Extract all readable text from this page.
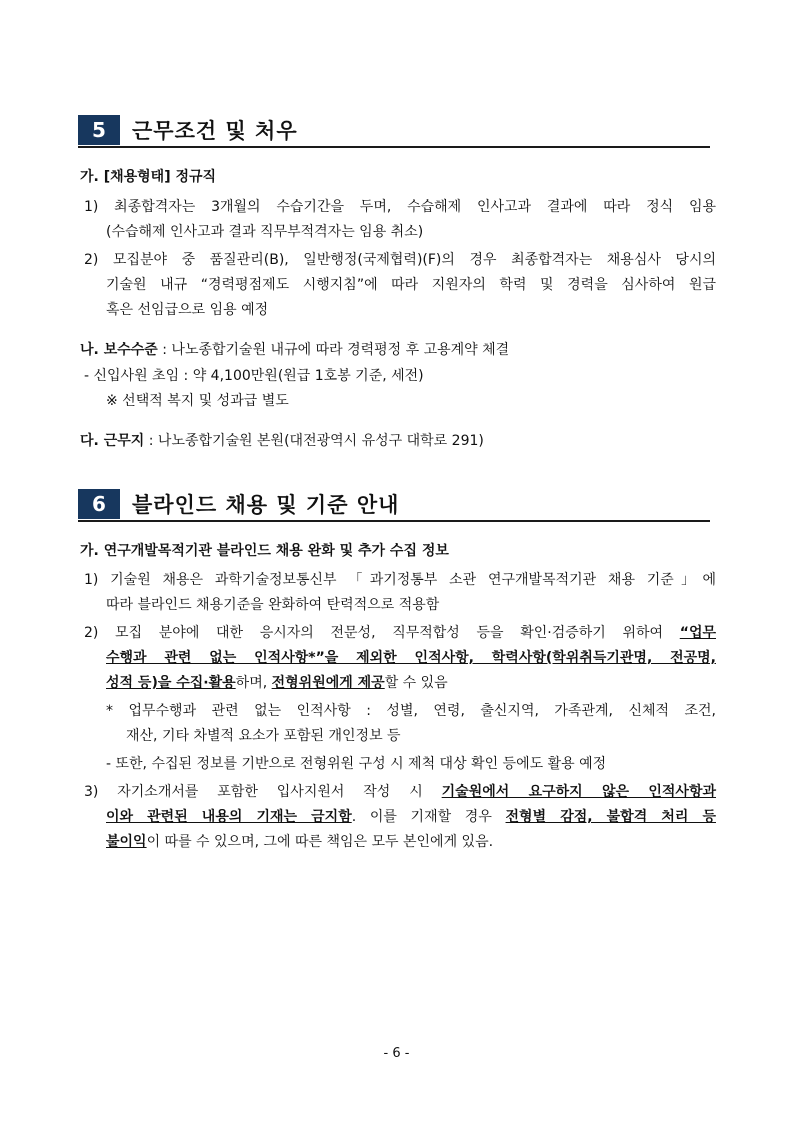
5	근무조건 및 처우
가. [채용형태] 정규직
1) 최종합격자는 3개월의 수습기간을 두며, 수습해제 인사고과 결과에 따라 정식 임용
(수습해제 인사고과 결과 직무부적격자는 임용 취소)
2) 모집분야 중 품질관리(B), 일반행정(국제협력)(F)의 경우 최종합격자는 채용심사 당시의
기술원 내규 “경력평점제도 시행지침”에 따라 지원자의 학력 및 경력을 심사하여 원급
혹은 선임급으로 임용 예정
나. 보수수준 : 나노종합기술원 내규에 따라 경력평정 후 고용계약 체결
- 신입사원 초임 : 약 4,100만원(원급 1호봉 기준, 세전)
※ 선택적 복지 및 성과급 별도
다. 근무지 : 나노종합기술원 본원(대전광역시 유성구 대학로 291)
6	블라인드 채용 및 기준 안내
가. 연구개발목적기관 블라인드 채용 완화 및 추가 수집 정보
1) 기술원 채용은 과학기술정보통신부 「과기정통부 소관 연구개발목적기관 채용 기준」에
따라 블라인드 채용기준을 완화하여 탄력적으로 적용함
2) 모집 분야에 대한 응시자의 전문성, 직무적합성 등을 확인·검증하기 위하여 “업무
수행과 관련 없는 인적사항*”을 제외한 인적사항, 학력사항(학위취득기관명, 전공명,
성적 등)을 수집·활용하며, 전형위원에게 제공할 수 있음
* 업무수행과 관련 없는 인적사항 : 성별, 연령, 출신지역, 가족관계, 신체적 조건,
재산, 기타 차별적 요소가 포함된 개인정보 등
- 또한, 수집된 정보를 기반으로 전형위원 구성 시 제척 대상 확인 등에도 활용 예정
3) 자기소개서를 포함한 입사지원서 작성 시 기술원에서 요구하지 않은 인적사항과
이와 관련된 내용의 기재는 금지함. 이를 기재할 경우 전형별 감점, 불합격 처리 등
불이익이 따를 수 있으며, 그에 따른 책임은 모두 본인에게 있음.
- 6 -
